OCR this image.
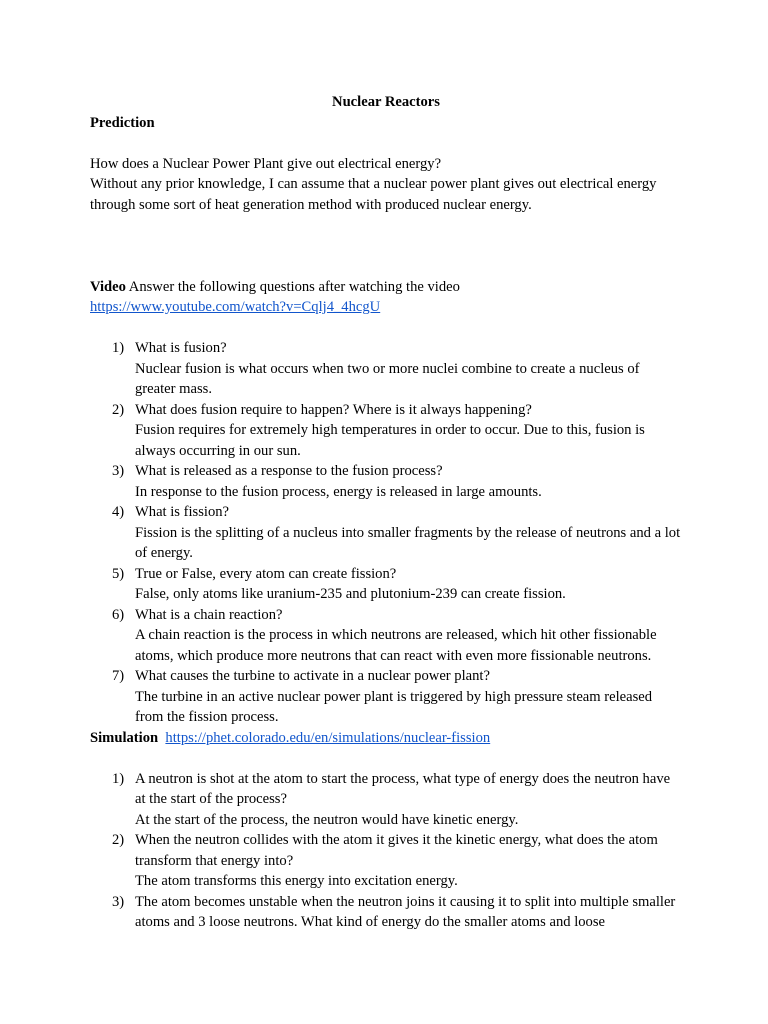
Nuclear Reactors

Prediction

How does a Nuclear Power Plant give out electrical energy?

Without any prior knowledge, I can assume that a nuclear power plant gives out electrical energy through some sort of heat generation method with produced nuclear energy.

Video Answer the following questions after watching the video

https://www.youtube.com/watch?v=Cqlj4_4hcgU

1) What is fusion?
Nuclear fusion is what occurs when two or more nuclei combine to create a nucleus of greater mass.
2) What does fusion require to happen? Where is it always happening?
Fusion requires for extremely high temperatures in order to occur. Due to this, fusion is always occurring in our sun.
3) What is released as a response to the fusion process?
In response to the fusion process, energy is released in large amounts.
4) What is fission?
Fission is the splitting of a nucleus into smaller fragments by the release of neutrons and a lot of energy.
5) True or False, every atom can create fission?
False, only atoms like uranium-235 and plutonium-239 can create fission.
6) What is a chain reaction?
A chain reaction is the process in which neutrons are released, which hit other fissionable atoms, which produce more neutrons that can react with even more fissionable neutrons.
7) What causes the turbine to activate in a nuclear power plant?
The turbine in an active nuclear power plant is triggered by high pressure steam released from the fission process.

Simulation https://phet.colorado.edu/en/simulations/nuclear-fission

1) A neutron is shot at the atom to start the process, what type of energy does the neutron have at the start of the process?
At the start of the process, the neutron would have kinetic energy.
2) When the neutron collides with the atom it gives it the kinetic energy, what does the atom transform that energy into?
The atom transforms this energy into excitation energy.
3) The atom becomes unstable when the neutron joins it causing it to split into multiple smaller atoms and 3 loose neutrons. What kind of energy do the smaller atoms and loose
